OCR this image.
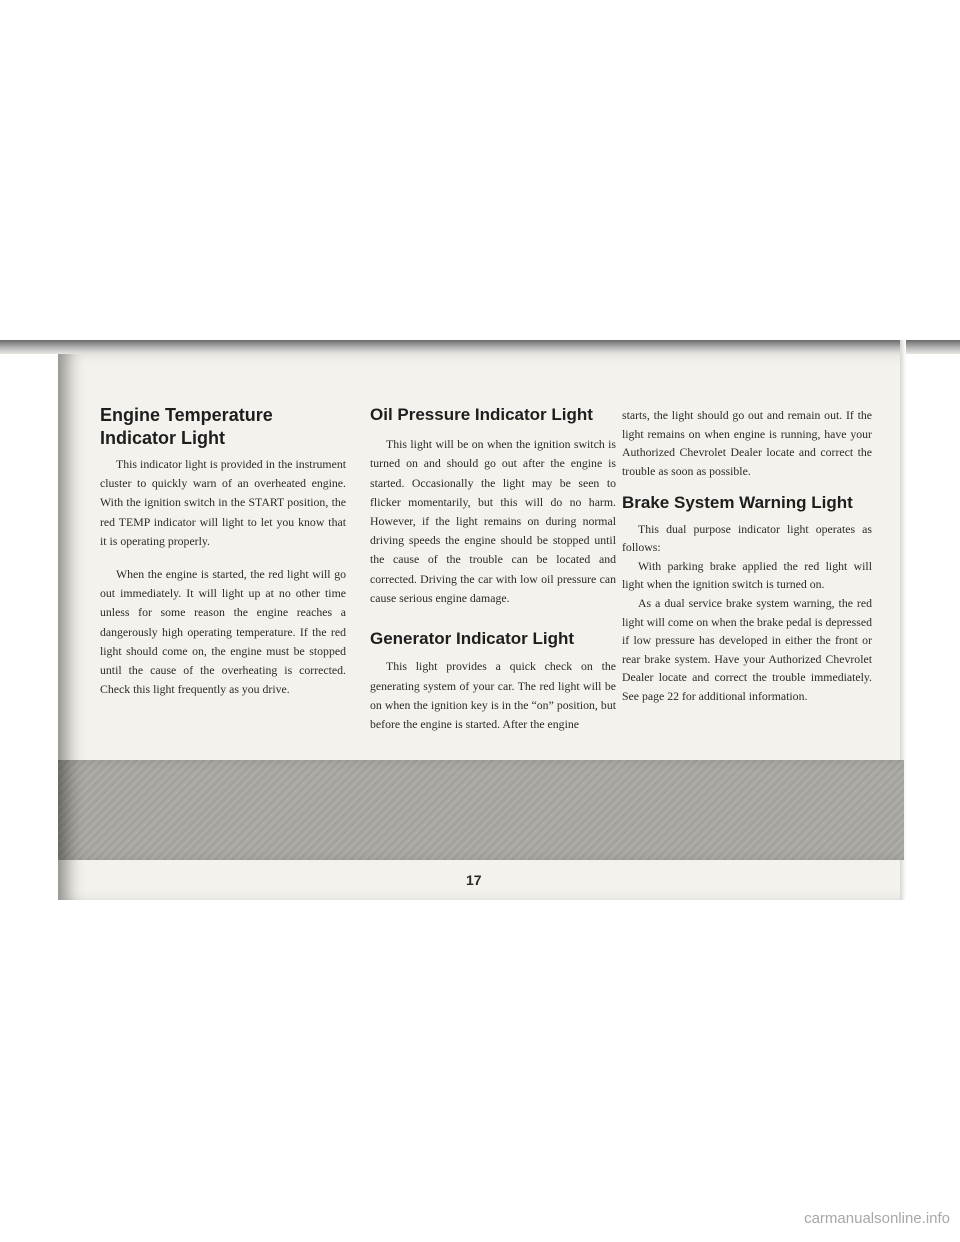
Engine Temperature Indicator Light

This indicator light is provided in the instrument cluster to quickly warn of an overheated engine. With the ignition switch in the START position, the red TEMP indicator will light to let you know that it is operating properly.

When the engine is started, the red light will go out immediately. It will light up at no other time unless for some reason the engine reaches a dangerously high operating temperature. If the red light should come on, the engine must be stopped until the cause of the overheating is corrected. Check this light frequently as you drive.

Oil Pressure Indicator Light

This light will be on when the ignition switch is turned on and should go out after the engine is started. Occasionally the light may be seen to flicker momentarily, but this will do no harm. However, if the light remains on during normal driving speeds the engine should be stopped until the cause of the trouble can be located and corrected. Driving the car with low oil pressure can cause serious engine damage.

Generator Indicator Light

This light provides a quick check on the generating system of your car. The red light will be on when the ignition key is in the “on” position, but before the engine is started. After the engine

starts, the light should go out and remain out. If the light remains on when engine is running, have your Authorized Chevrolet Dealer locate and correct the trouble as soon as possible.

Brake System Warning Light

This dual purpose indicator light operates as follows:

With parking brake applied the red light will light when the ignition switch is turned on.

As a dual service brake system warning, the red light will come on when the brake pedal is depressed if low pressure has developed in either the front or rear brake system. Have your Authorized Chevrolet Dealer locate and correct the trouble immediately. See page 22 for additional information.

17
carmanualsonline.info
